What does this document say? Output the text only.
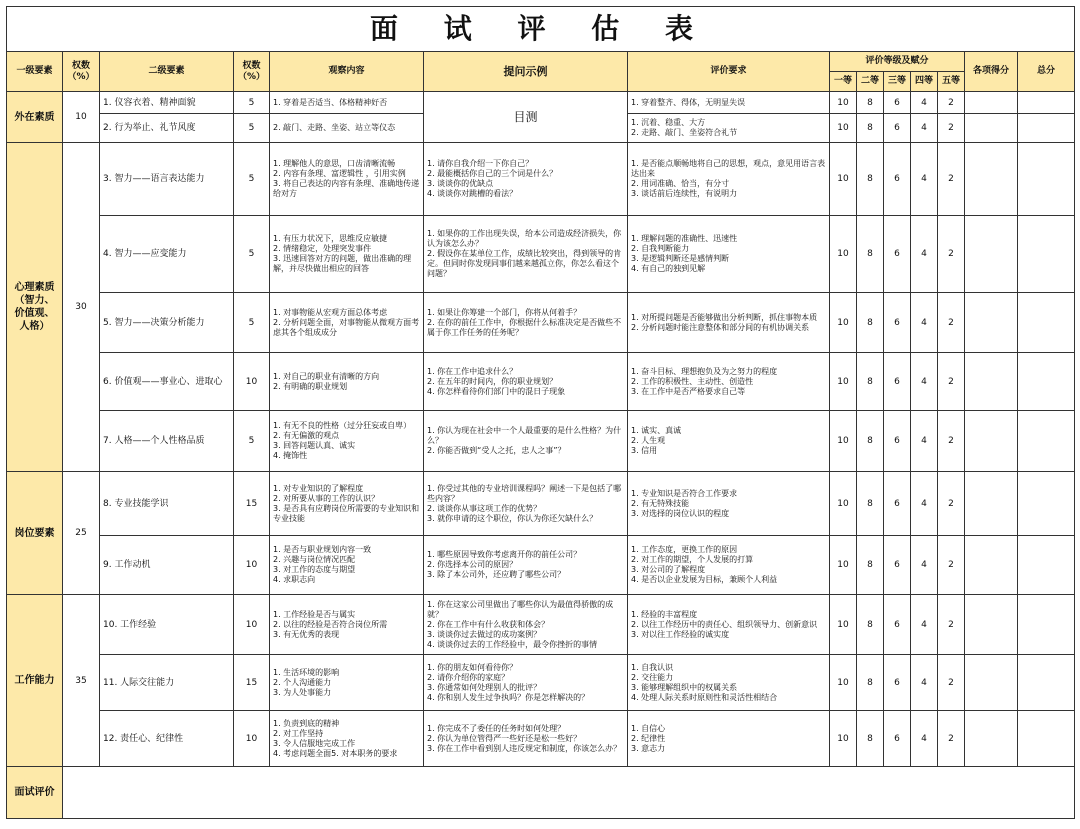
面 试 评 估 表													
一级要素	权数（%）	二级要素	权数（%）	观察内容	提问示例	评价要求	评价等级及赋分					各项得分	总分
							一等	二等	三等	四等	五等		
外在素质	10	1. 仪容衣着、精神面貌	5	1. 穿着是否适当、体格精神好否	目测	1. 穿着整齐、得体，无明显失误	10	8	6	4	2		
		2. 行为举止、礼节风度	5	2. 敲门、走路、坐姿、站立等仪态		1. 沉着、稳重、大方
2. 走路、敲门、坐姿符合礼节	10	8	6	4	2		
心理素质（智力、价值观、人格）	30	3. 智力——语言表达能力	5	1. 理解他人的意思，口齿清晰流畅
2. 内容有条理、富逻辑性 ，引用实例
3. 将自己表达的内容有条理、准确地传递给对方	1. 请你自我介绍一下你自己？
2. 最能概括你自己的三个词是什么？
3. 谈谈你的优缺点
4. 谈谈你对跳槽的看法？	1. 是否能点顺畅地将自己的思想，观点，意见用语言表达出来
2. 用词准确、恰当，有分寸
3. 谈话前后连续性，有说明力	10	8	6	4	2		
		4. 智力——应变能力	5	1. 有压力状况下，思维反应敏捷
2. 情绪稳定，处理突发事件
3. 迅速回答对方的问题，做出准确的理解，并尽快做出相应的回答	1. 如果你的工作出现失误，给本公司造成经济损失，你认为该怎么办？
2. 假设你在某单位工作，成绩比较突出，得到领导的肯定。但同时你发现同事们越来越孤立你，你怎么看这个问题？	1. 理解问题的准确性、迅速性
2. 自我判断能力
3. 是逻辑判断还是感情判断
4. 有自己的独到见解	10	8	6	4	2		
		5. 智力——决策分析能力	5	1. 对事物能从宏观方面总体考虑
2. 分析问题全面，对事物能从微观方面考虑其各个组成成分	1. 如果让你筹建一个部门，你将从何着手？
2. 在你的前任工作中，你根据什么标准决定是否做些不属于你工作任务的任务呢？	1. 对所提问题是否能够做出分析判断，抓住事物本质
2. 分析问题时能注意整体和部分间的有机协调关系	10	8	6	4	2		
		6. 价值观——事业心、进取心	10	1. 对自己的职业有清晰的方向
2. 有明确的职业规划	1. 你在工作中追求什么？
2. 在五年的时间内，你的职业规划？
4. 你怎样看待你们部门中的混日子现象	1. 奋斗目标、理想抱负及为之努力的程度
2. 工作的积极性、主动性、创造性
3. 在工作中是否严格要求自己等	10	8	6	4	2		
		7. 人格——个人性格品质	5	1. 有无不良的性格（过分狂妄或自卑）
2. 有无偏激的观点
3. 回答问题认真、诚实
4. 掩饰性	1. 你认为现在社会中一个人最重要的是什么性格？为什么？
2. 你能否做到“受人之托，忠人之事”？	1. 诚实、真诚
2. 人生观
3. 信用	10	8	6	4	2		
岗位要素	25	8. 专业技能学识	15	1. 对专业知识的了解程度
2. 对所要从事的工作的认识？
3. 是否具有应聘岗位所需要的专业知识和专业技能	1. 你受过其他的专业培训课程吗？阐述一下是包括了哪些内容？
2. 谈谈你从事这项工作的优势？
3. 就你申请的这个职位，你认为你还欠缺什么？	1. 专业知识是否符合工作要求
2. 有无特殊技能
3. 对选择的岗位认识的程度	10	8	6	4	2		
		9. 工作动机	10	1. 是否与职业规划内容一致
2. 兴趣与岗位情况匹配
3. 对工作的态度与期望
4. 求职志向	1. 哪些原因导致你考虑离开你的前任公司？
2. 你选择本公司的原因？
3. 除了本公司外，还应聘了哪些公司？	1. 工作态度，更换工作的原因
2. 对工作的期望，个人发展的打算
3. 对公司的了解程度
4. 是否以企业发展为目标，兼顾个人利益	10	8	6	4	2		
工作能力	35	10. 工作经验	10	1. 工作经验是否与属实
2. 以往的经验是否符合岗位所需
3. 有无优秀的表现	1. 你在这家公司里做出了哪些你认为最值得骄傲的成就？
2. 你在工作中有什么收获和体会？
3. 谈谈你过去做过的成功案例？
4. 谈谈你过去的工作经验中，最令你挫折的事情	1. 经验的丰富程度
2. 以往工作经历中的责任心、组织领导力、创新意识
3. 对以往工作经验的诚实度	10	8	6	4	2		
		11. 人际交往能力	15	1. 生活环境的影响
2. 个人沟通能力
3. 为人处事能力	1. 你的朋友如何看待你？
2. 请你介绍你的家庭？
3. 你通常如何处理别人的批评？
4. 你和别人发生过争执吗？你是怎样解决的？	1. 自我认识
2. 交往能力
3. 能够理解组织中的权属关系
4. 处理人际关系时原则性和灵活性相结合	10	8	6	4	2		
		12. 责任心、纪律性	10	1. 负责到底的精神
2. 对工作坚持
3. 令人信服地完成工作
4. 考虑问题全面5. 对本职务的要求	1. 你完成不了委任的任务时如何处理？
2. 你认为单位管得严一些好还是松一些好？
3. 你在工作中看到别人违反规定和制度，你该怎么办？	1. 自信心
2. 纪律性
3. 意志力	10	8	6	4	2		
面试评价													
